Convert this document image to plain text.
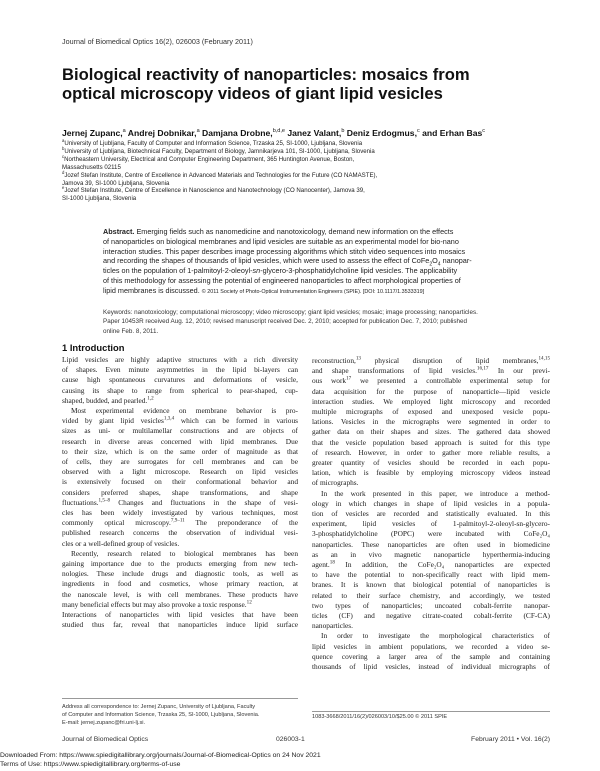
Journal of Biomedical Optics 16(2), 026003 (February 2011)
Biological reactivity of nanoparticles: mosaics from
optical microscopy videos of giant lipid vesicles
Jernej Zupanc,$^a$ Andrej Dobnikar,$^a$ Damjana Drobne,$^{b,d,e}$ Janez Valant,$^b$ Deniz Erdogmus,$^c$ and Erhan Bas$^c$
$^a$University of Ljubljana, Faculty of Computer and Information Science, Trzaska 25, SI-1000, Ljubljana, Slovenia
$^b$University of Ljubljana, Biotechnical Faculty, Department of Biology, Jamnikarjeva 101, SI-1000, Ljubljana, Slovenia
$^c$Northeastern University, Electrical and Computer Engineering Department, 365 Huntington Avenue, Boston,
Massachusetts 02115
$^d$Jozef Stefan Institute, Centre of Excellence in Advanced Materials and Technologies for the Future (CO NAMASTE),
Jamova 39, SI-1000 Ljubljana, Slovenia
$^e$Jozef Stefan Institute, Centre of Excellence in Nanoscience and Nanotechnology (CO Nanocenter), Jamova 39,
SI-1000 Ljubljana, Slovenia
Abstract. Emerging fields such as nanomedicine and nanotoxicology, demand new information on the effects
of nanoparticles on biological membranes and lipid vesicles are suitable as an experimental model for bio-nano
interaction studies. This paper describes image processing algorithms which stitch video sequences into mosaics
and recording the shapes of thousands of lipid vesicles, which were used to assess the effect of $CoFe_2O_4$ nanopar-
ticles on the population of 1-palmitoyl-2-oleoyl-sn-glycero-3-phosphatidylcholine lipid vesicles. The applicability
of this methodology for assessing the potential of engineered nanoparticles to affect morphological properties of
lipid membranes is discussed. © 2011 Society of Photo-Optical Instrumentation Engineers (SPIE). [DOI: 10.1117/1.3533319]
Keywords: nanotoxicology; computational microscopy; video microscopy; giant lipid vesicles; mosaic; image processing; nanoparticles.
Paper 10453R received Aug. 12, 2010; revised manuscript received Dec. 2, 2010; accepted for publication Dec. 7, 2010; published
online Feb. 8, 2011.
1 Introduction
Lipid vesicles are highly adaptive structures with a rich diversity
of shapes. Even minute asymmetries in the lipid bi-layers can
cause high spontaneous curvatures and deformations of vesicle,
causing its shape to range from spherical to pear-shaped, cup-
shaped, budded, and pearled.$^{1,2}$
Most experimental evidence on membrane behavior is pro-
vided by giant lipid vesicles$^{1,3,4}$ which can be formed in various
sizes as uni- or multilamellar constructions and are objects of
research in diverse areas concerned with lipid membranes. Due
to their size, which is on the same order of magnitude as that
of cells, they are surrogates for cell membranes and can be
observed with a light microscope. Research on lipid vesicles
is extensively focused on their conformational behavior and
considers preferred shapes, shape transformations, and shape
fluctuations.$^{1,5-8}$ Changes and fluctuations in the shape of vesi-
cles has been widely investigated by various techniques, most
commonly optical microscopy.$^{7,9-11}$ The preponderance of the
published research concerns the observation of individual vesi-
cles or a well-defined group of vesicles.
Recently, research related to biological membranes has been
gaining importance due to the products emerging from new tech-
nologies. These include drugs and diagnostic tools, as well as
ingredients in food and cosmetics, whose primary reaction, at
the nanoscale level, is with cell membranes. These products have
many beneficial effects but may also provoke a toxic response.$^{12}$
Interactions of nanoparticles with lipid vesicles that have been
studied thus far, reveal that nanoparticles induce lipid surface
reconstruction,$^{13}$ physical disruption of lipid membranes,$^{14,15}$
and shape transformations of lipid vesicles.$^{16,17}$ In our previ-
ous work$^{17}$ we presented a controllable experimental setup for
data acquisition for the purpose of nanoparticle—lipid vesicle
interaction studies. We employed light microscopy and recorded
multiple micrographs of exposed and unexposed vesicle popu-
lations. Vesicles in the micrographs were segmented in order to
gather data on their shapes and sizes. The gathered data showed
that the vesicle population based approach is suited for this type
of research. However, in order to gather more reliable results, a
greater quantity of vesicles should be recorded in each popu-
lation, which is feasible by employing microscopy videos instead
of micrographs.
In the work presented in this paper, we introduce a method-
ology in which changes in shape of lipid vesicles in a popula-
tion of vesicles are recorded and statistically evaluated. In this
experiment, lipid vesicles of 1-palmitoyl-2-oleoyl-sn-glycero-
3-phosphatidylcholine (POPC) were incubated with CoFe₂O₄
nanoparticles. These nanoparticles are often used in biomedicine
as an in vivo magnetic nanoparticle hyperthermia-inducing
agent.$^{18}$ In addition, the CoFe₂O₄ nanoparticles are expected
to have the potential to non-specifically react with lipid mem-
branes. It is known that biological potential of nanoparticles is
related to their surface chemistry, and accordingly, we tested
two types of nanoparticles; uncoated cobalt-ferrite nanopar-
ticles (CF) and negative citrate-coated cobalt-ferrite (CF-CA)
nanoparticles.
In order to investigate the morphological characteristics of
lipid vesicles in ambient populations, we recorded a video se-
quence covering a larger area of the sample and containing
thousands of lipid vesicles, instead of individual micrographs of
Address all correspondence to: Jernej Zupanc, University of Ljubljana, Faculty
of Computer and Information Science, Trzaska 25, SI-1000, Ljubljana, Slovenia.
E-mail: jernej.zupanc@fri.uni-lj.si.
1083-3668/2011/16(2)/026003/10/$25.00 © 2011 SPIE
Journal of Biomedical Optics	026003-1	February 2011 • Vol. 16(2)
Downloaded From: https://www.spiedigitallibrary.org/journals/Journal-of-Biomedical-Optics on 24 Nov 2021
Terms of Use: https://www.spiedigitallibrary.org/terms-of-use
